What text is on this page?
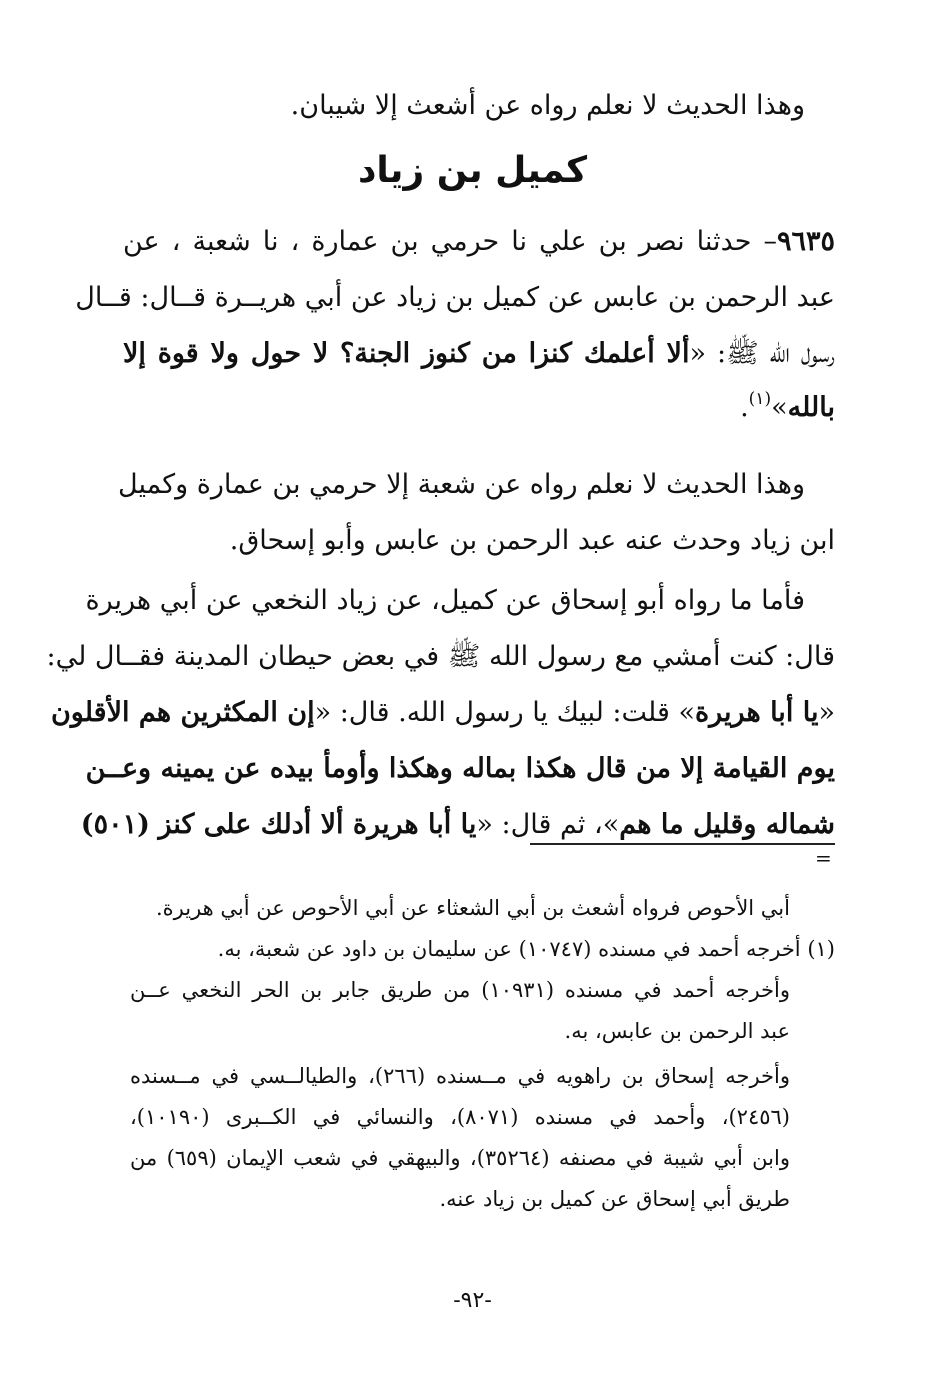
وهذا الحديث لا نعلم رواه عن أشعث إلا شيبان.
كميل بن زياد
٩٦٣٥– حدثنا نصر بن علي نا حرمي بن عمارة ، نا شعبة ، عن
عبد الرحمن بن عابس عن كميل بن زياد عن أبي هريــرة قــال: قــال
رسول الله ﷺ: «ألا أعلمك كنزا من كنوز الجنة؟ لا حول ولا قوة إلا
بالله»$^{(١)}$.
وهذا الحديث لا نعلم رواه عن شعبة إلا حرمي بن عمارة وكميل
ابن زياد وحدث عنه عبد الرحمن بن عابس وأبو إسحاق.
فأما ما رواه أبو إسحاق عن كميل، عن زياد النخعي عن أبي هريرة
قال: كنت أمشي مع رسول الله ﷺ في بعض حيطان المدينة فقــال لي:
«يا أبا هريرة» قلت: لبيك يا رسول الله. قال: «إن المكثرين هم الأقلون
يوم القيامة إلا من قال هكذا بماله وهكذا وأومأ بيده عن يمينه وعــن
شماله وقليل ما هم»، ثم قال: «يا أبا هريرة ألا أدلك على كنز (٥٠١)
=
أبي الأحوص فرواه أشعث بن أبي الشعثاء عن أبي الأحوص عن أبي هريرة.
(١) أخرجه أحمد في مسنده (١٠٧٤٧) عن سليمان بن داود عن شعبة، به.
وأخرجه أحمد في مسنده (١٠٩٣١) من طريق جابر بن الحر النخعي عــن
عبد الرحمن بن عابس، به.
وأخرجه إسحاق بن راهويه في مــسنده (٢٦٦)، والطيالــسي في مــسنده
(٢٤٥٦)، وأحمد في مسنده (٨٠٧١)، والنسائي في الكــبرى (١٠١٩٠)،
وابن أبي شيبة في مصنفه (٣٥٢٦٤)، والبيهقي في شعب الإيمان (٦٥٩) من
طريق أبي إسحاق عن كميل بن زياد عنه.
-٩٢-
